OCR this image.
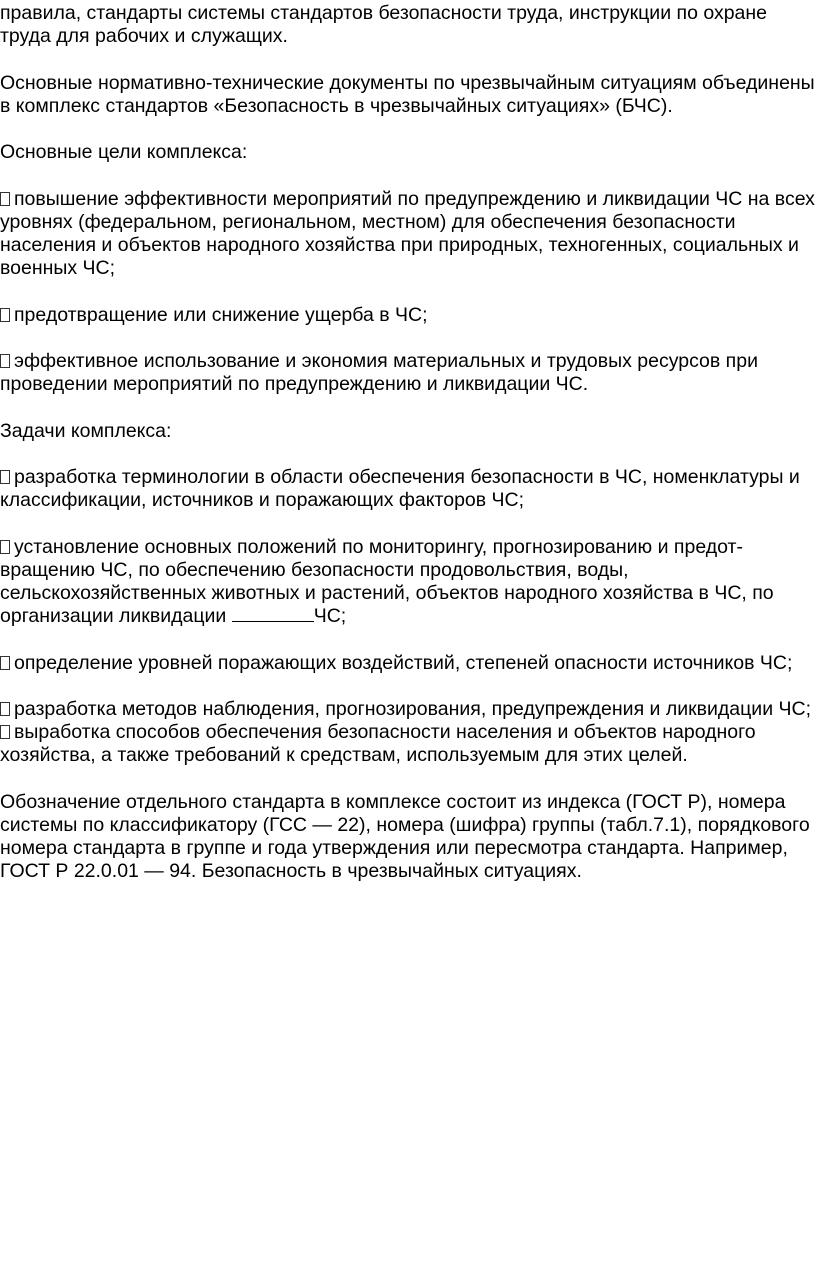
правила, стандарты системы стандартов безопасности труда, инструкции по охране труда для рабочих и служащих.

Основные нормативно-технические документы по чрезвычайным ситуациям объединены в комплекс стандартов «Безопасность в чрезвычайных ситуациях» (БЧС).

Основные цели комплекса:

повышение эффективности мероприятий по предупреждению и ликвидации ЧС на всех уровнях (федеральном, региональном, местном) для обеспечения безопасности населения и объектов народного хозяйства при природных, техногенных, социальных и военных ЧС;

предотвращение или снижение ущерба в ЧС;

эффективное использование и экономия материальных и трудовых ресурсов при проведении мероприятий по предупреждению и ликвидации ЧС.

Задачи комплекса:

разработка терминологии в области обеспечения безопасности в ЧС, номенклатуры и классификации, источников и поражающих факторов ЧС;

установление основных положений по мониторингу, прогнозированию и предот-вращению ЧС, по обеспечению безопасности продовольствия, воды, сельскохозяйственных животных и растений, объектов народного хозяйства в ЧС, по организации ликвидации	ЧС;

определение уровней поражающих воздействий, степеней опасности источников ЧС;

разработка методов наблюдения, прогнозирования, предупреждения и ликвидации ЧС; выработка способов обеспечения безопасности населения и объектов народного хозяйства, а также требований к средствам, используемым для этих целей.

Обозначение отдельного стандарта в комплексе состоит из индекса (ГОСТ Р), номера системы по классификатору (ГСС — 22), номера (шифра) группы (табл.7.1), порядкового номера стандарта в группе и года утверждения или пересмотра стандарта. Например, ГОСТ Р 22.0.01 — 94. Безопасность в чрезвычайных ситуациях.
